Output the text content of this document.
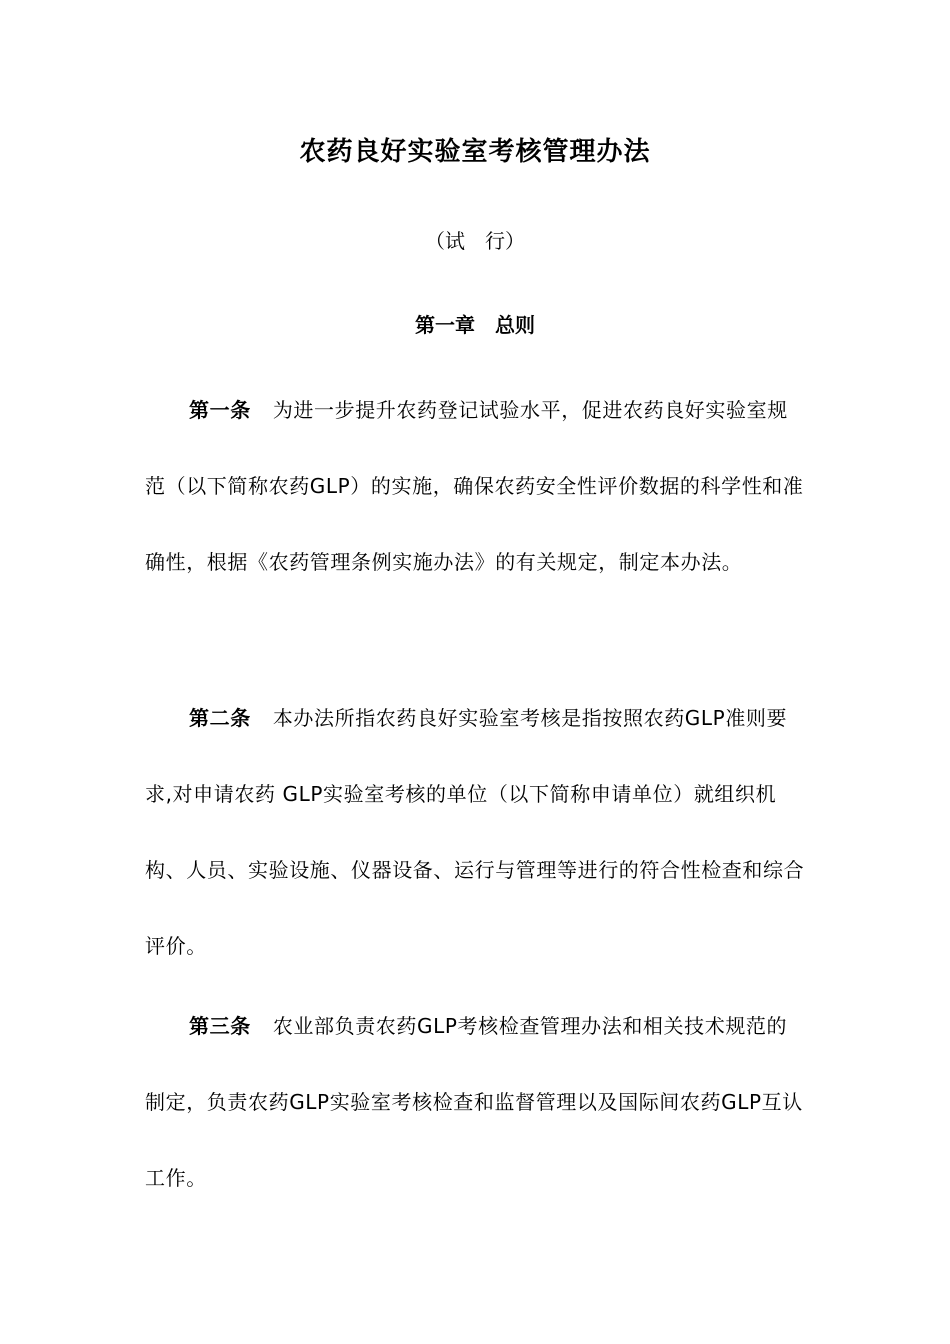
农药良好实验室考核管理办法
（试　行）
第一章　总则

第一条 为进一步提升农药登记试验水平，促进农药良好实验室规范（以下简称农药GLP）的实施，确保农药安全性评价数据的科学性和准确性，根据《农药管理条例实施办法》的有关规定，制定本办法。

第二条 本办法所指农药良好实验室考核是指按照农药GLP准则要求,对申请农药 GLP实验室考核的单位（以下简称申请单位）就组织机构、人员、实验设施、仪器设备、运行与管理等进行的符合性检查和综合评价。

第三条 农业部负责农药GLP考核检查管理办法和相关技术规范的制定，负责农药GLP实验室考核检查和监督管理以及国际间农药GLP互认工作。
